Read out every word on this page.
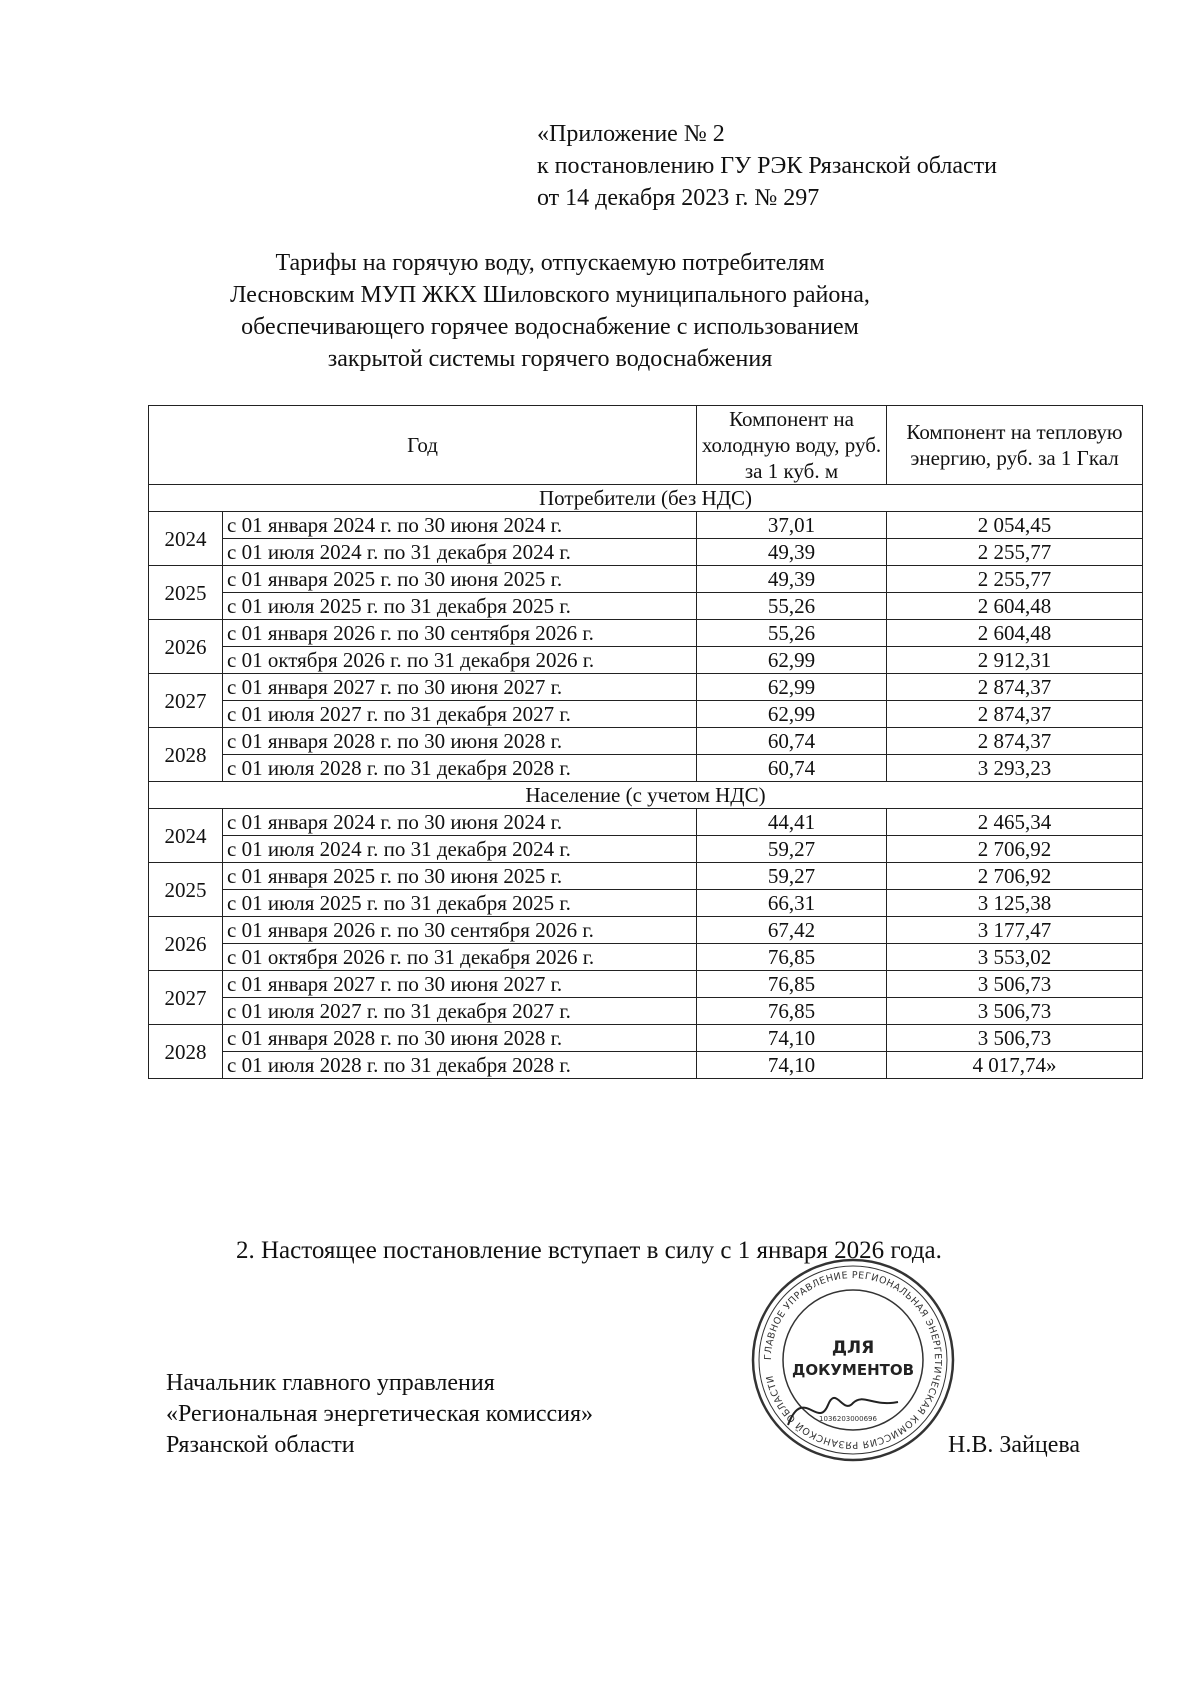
«Приложение № 2
к постановлению ГУ РЭК Рязанской области
от 14 декабря 2023 г. № 297
Тарифы на горячую воду, отпускаемую потребителям
Лесновским МУП ЖКХ Шиловского муниципального района,
обеспечивающего горячее водоснабжение с использованием
закрытой системы горячего водоснабжения
Год		Компонент на холодную воду, руб. за 1 куб. м	Компонент на тепловую энергию, руб. за 1 Гкал
Потребители (без НДС)			
2024	с 01 января 2024 г. по 30 июня 2024 г.	37,01	2 054,45
	с 01 июля 2024 г. по 31 декабря 2024 г.	49,39	2 255,77
2025	с 01 января 2025 г. по 30 июня 2025 г.	49,39	2 255,77
	с 01 июля 2025 г. по 31 декабря 2025 г.	55,26	2 604,48
2026	с 01 января 2026 г. по 30 сентября 2026 г.	55,26	2 604,48
	с 01 октября 2026 г. по 31 декабря 2026 г.	62,99	2 912,31
2027	с 01 января 2027 г. по 30 июня 2027 г.	62,99	2 874,37
	с 01 июля 2027 г. по 31 декабря 2027 г.	62,99	2 874,37
2028	с 01 января 2028 г. по 30 июня 2028 г.	60,74	2 874,37
	с 01 июля 2028 г. по 31 декабря 2028 г.	60,74	3 293,23
Население (с учетом НДС)			
2024	с 01 января 2024 г. по 30 июня 2024 г.	44,41	2 465,34
	с 01 июля 2024 г. по 31 декабря 2024 г.	59,27	2 706,92
2025	с 01 января 2025 г. по 30 июня 2025 г.	59,27	2 706,92
	с 01 июля 2025 г. по 31 декабря 2025 г.	66,31	3 125,38
2026	с 01 января 2026 г. по 30 сентября 2026 г.	67,42	3 177,47
	с 01 октября 2026 г. по 31 декабря 2026 г.	76,85	3 553,02
2027	с 01 января 2027 г. по 30 июня 2027 г.	76,85	3 506,73
	с 01 июля 2027 г. по 31 декабря 2027 г.	76,85	3 506,73
2028	с 01 января 2028 г. по 30 июня 2028 г.	74,10	3 506,73
	с 01 июля 2028 г. по 31 декабря 2028 г.	74,10	4 017,74»
2. Настоящее постановление вступает в силу с 1 января 2026 года.
Начальник главного управления
«Региональная энергетическая комиссия»
Рязанской области
ГЛАВНОЕ УПРАВЛЕНИЕ РЕГИОНАЛЬНАЯ ЭНЕРГЕТИЧЕСКАЯ КОМИССИЯ РЯЗАНСКОЙ ОБЛАСТИ
ДЛЯ
ДОКУМЕНТОВ
1036203000696
Н.В. Зайцева
